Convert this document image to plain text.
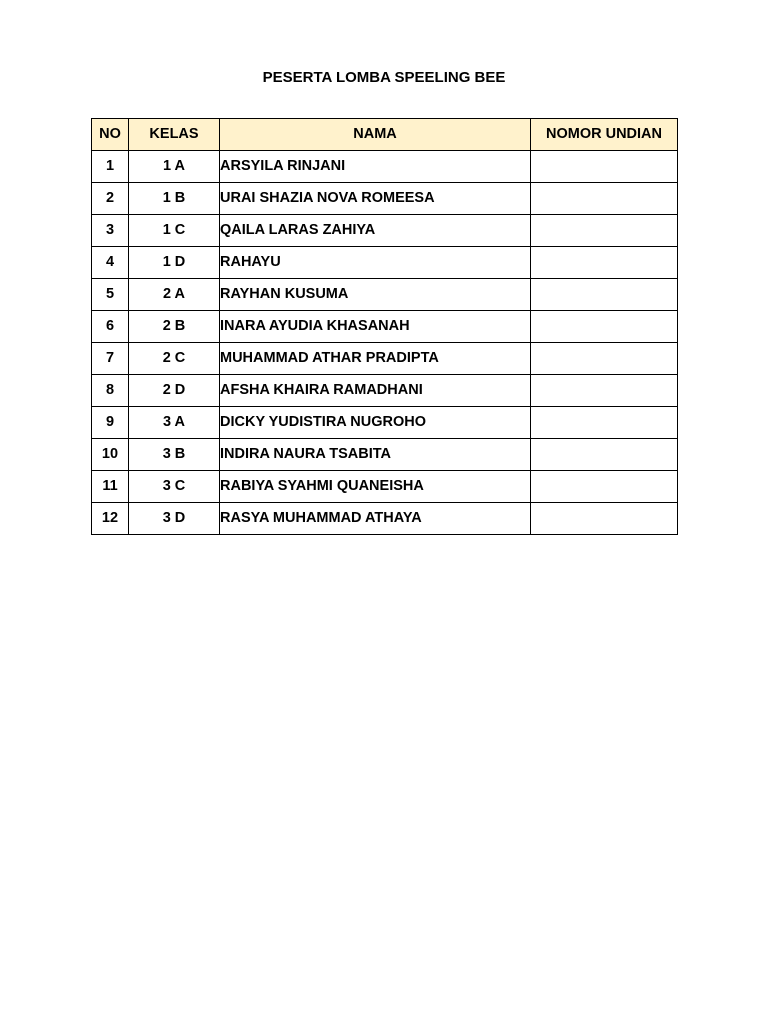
PESERTA LOMBA SPEELING BEE
NO	KELAS	NAMA	NOMOR UNDIAN
1	1 A	ARSYILA RINJANI	
2	1 B	URAI SHAZIA NOVA ROMEESA	
3	1 C	QAILA LARAS ZAHIYA	
4	1 D	RAHAYU	
5	2 A	RAYHAN KUSUMA	
6	2 B	INARA AYUDIA KHASANAH	
7	2 C	MUHAMMAD ATHAR PRADIPTA	
8	2 D	AFSHA KHAIRA RAMADHANI	
9	3 A	DICKY YUDISTIRA NUGROHO	
10	3 B	INDIRA NAURA TSABITA	
11	3 C	RABIYA SYAHMI QUANEISHA	
12	3 D	RASYA MUHAMMAD ATHAYA	
